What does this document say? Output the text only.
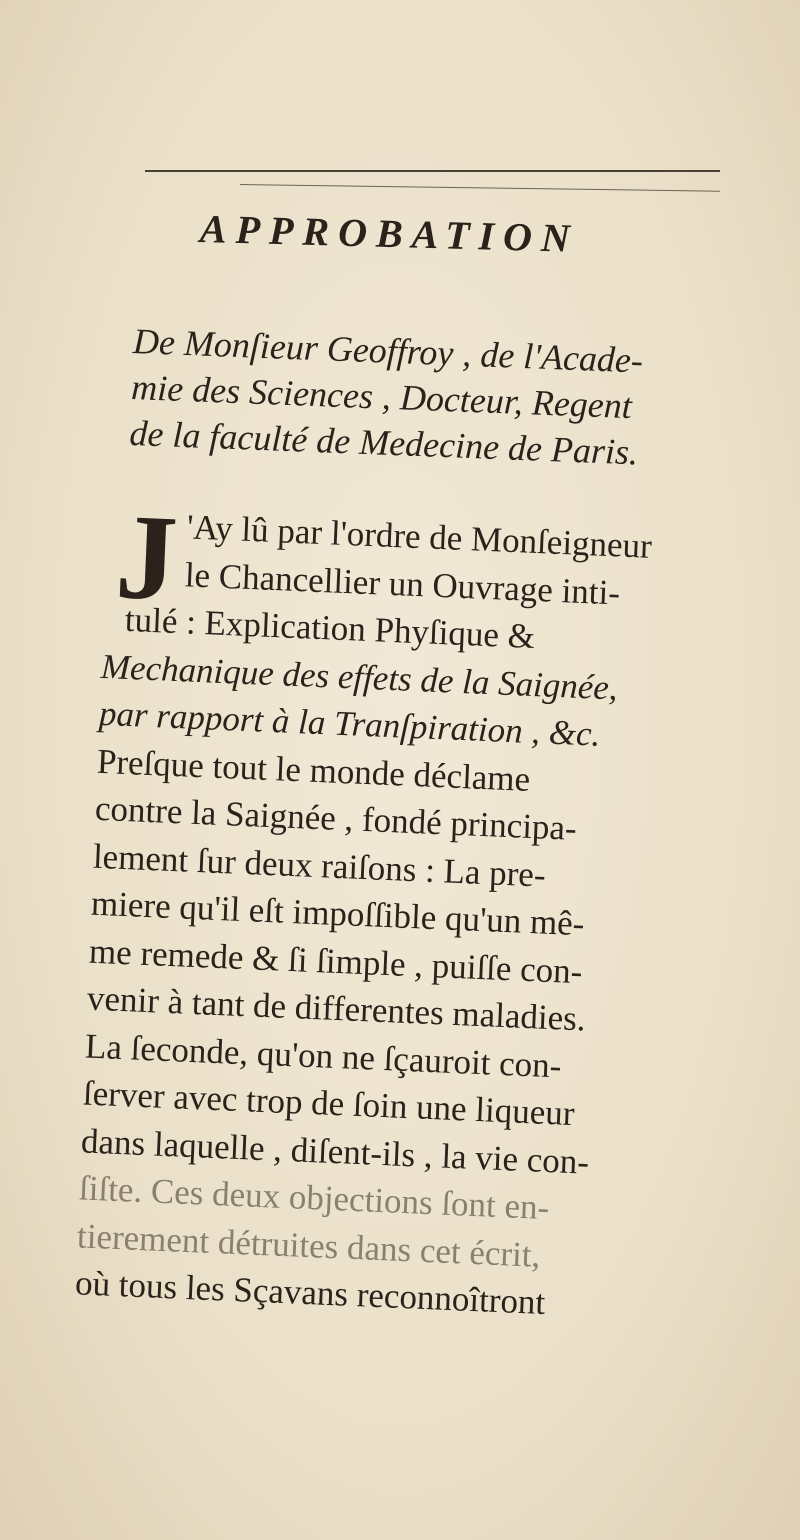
APPROBATION
De Monſieur Geoffroy , de l'Acade-
mie des Sciences , Docteur, Regent
de la faculté de Medecine de Paris.
J 'Ay lû par l'ordre de Monſeigneur
le Chancellier un Ouvrage inti-
tulé : Explication Phyſique &
Mechanique des effets de la Saignée,
par rapport à la Tranſpiration , &c.
Preſque tout le monde déclame
contre la Saignée , fondé principa-
lement ſur deux raiſons : La pre-
miere qu'il eſt impoſſible qu'un mê-
me remede & ſi ſimple , puiſſe con-
venir à tant de differentes maladies.
La ſeconde, qu'on ne ſçauroit con-
ſerver avec trop de ſoin une liqueur
dans laquelle , diſent-ils , la vie con-
ſiſte. Ces deux objections ſont en-
tierement détruites dans cet écrit,
où tous les Sçavans reconnoîtront
